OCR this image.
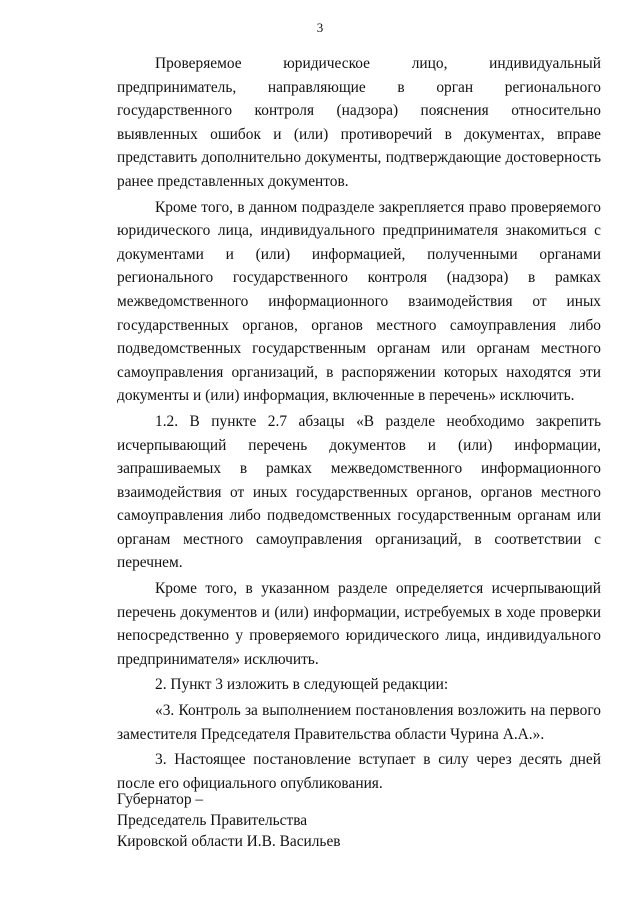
3

Проверяемое юридическое лицо, индивидуальный предприниматель, направляющие в орган регионального государственного контроля (надзора) пояснения относительно выявленных ошибок и (или) противоречий в документах, вправе представить дополнительно документы, подтверждающие достоверность ранее представленных документов.

Кроме того, в данном подразделе закрепляется право проверяемого юридического лица, индивидуального предпринимателя знакомиться с документами и (или) информацией, полученными органами регионального государственного контроля (надзора) в рамках межведомственного информационного взаимодействия от иных государственных органов, органов местного самоуправления либо подведомственных государственным органам или органам местного самоуправления организаций, в распоряжении которых находятся эти документы и (или) информация, включенные в перечень» исключить.

1.2. В пункте 2.7 абзацы «В разделе необходимо закрепить исчерпывающий перечень документов и (или) информации, запрашиваемых в рамках межведомственного информационного взаимодействия от иных государственных органов, органов местного самоуправления либо подведомственных государственным органам или органам местного самоуправления организаций, в соответствии с перечнем.

Кроме того, в указанном разделе определяется исчерпывающий перечень документов и (или) информации, истребуемых в ходе проверки непосредственно у проверяемого юридического лица, индивидуального предпринимателя» исключить.

2. Пункт 3 изложить в следующей редакции:

«3. Контроль за выполнением постановления возложить на первого заместителя Председателя Правительства области Чурина А.А.».

3. Настоящее постановление вступает в силу через десять дней после его официального опубликования.

Губернатор –
Председатель Правительства
Кировской области И.В. Васильев
